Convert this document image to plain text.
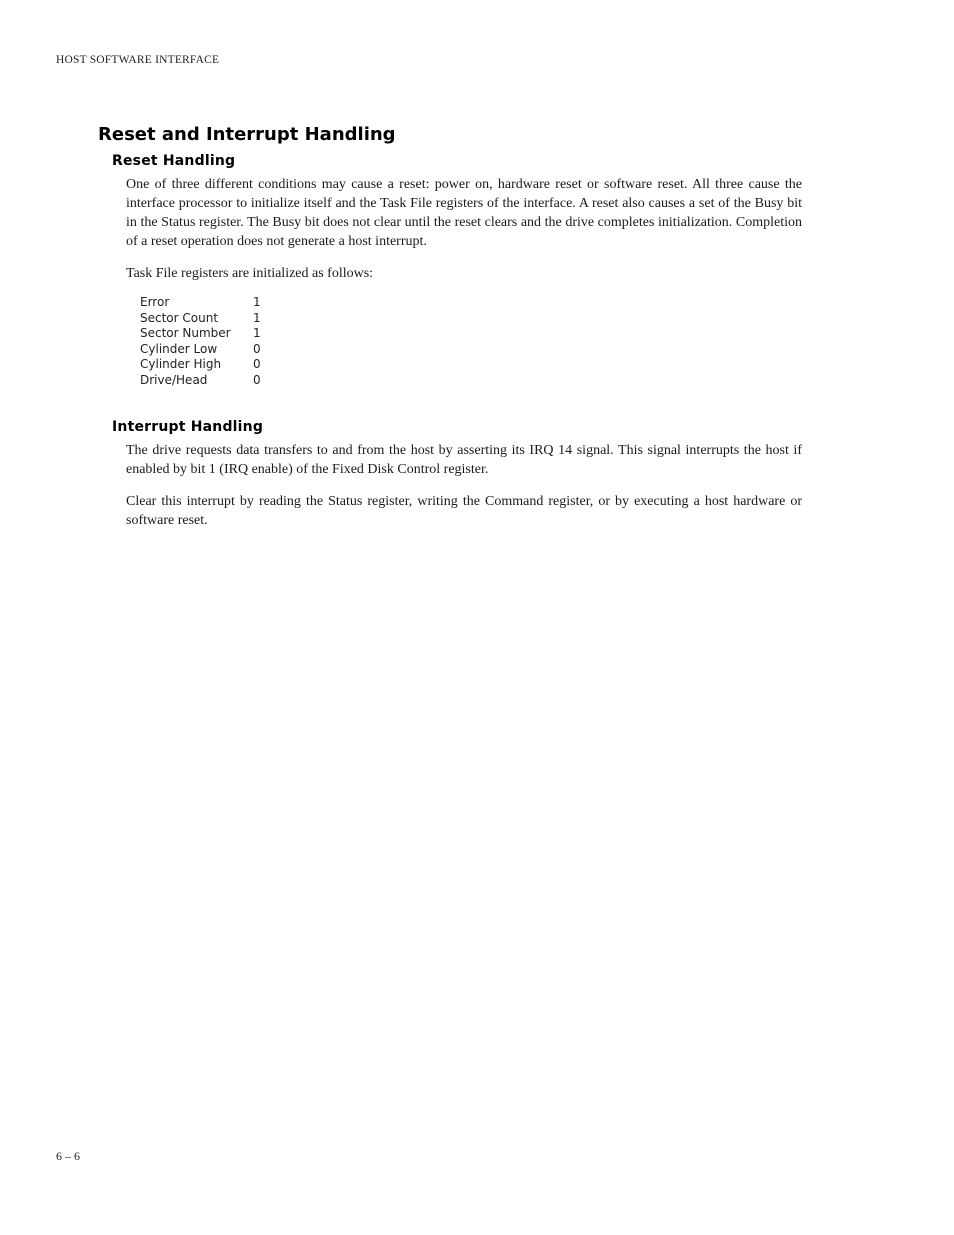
HOST SOFTWARE INTERFACE
Reset and Interrupt Handling
Reset Handling

One of three different conditions may cause a reset: power on, hardware reset or software reset. All three cause the interface processor to initialize itself and the Task File registers of the interface. A reset also causes a set of the Busy bit in the Status register. The Busy bit does not clear until the reset clears and the drive completes initialization. Completion of a reset operation does not generate a host interrupt.

Task File registers are initialized as follows:

Error	1
Sector Count	1
Sector Number	1
Cylinder Low	0
Cylinder High	0
Drive/Head	0
Interrupt Handling

The drive requests data transfers to and from the host by asserting its IRQ 14 signal. This signal interrupts the host if enabled by bit 1 (IRQ enable) of the Fixed Disk Control register.

Clear this interrupt by reading the Status register, writing the Command register, or by executing a host hardware or software reset.

6 – 6
